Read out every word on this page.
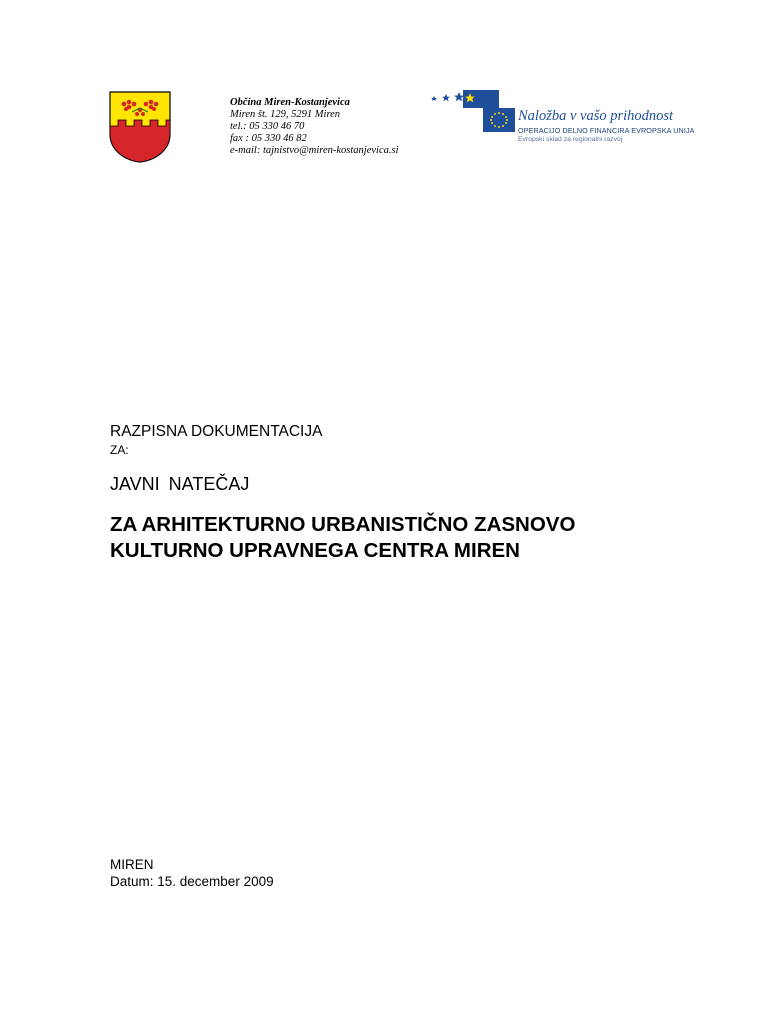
Občina Miren-Kostanjevica
Miren št. 129, 5291 Miren
tel.: 05 330 46 70
fax : 05 330 46 82
e-mail: tajnistvo@miren-kostanjevica.si
Naložba v vašo prihodnost
OPERACIJO DELNO FINANCIRA EVROPSKA UNIJA
Evropski sklad za regionalni razvoj
RAZPISNA DOKUMENTACIJA
ZA:
JAVNI NATEČAJ
ZA ARHITEKTURNO URBANISTIČNO ZASNOVO
KULTURNO UPRAVNEGA CENTRA MIREN
MIREN
Datum: 15. december 2009
